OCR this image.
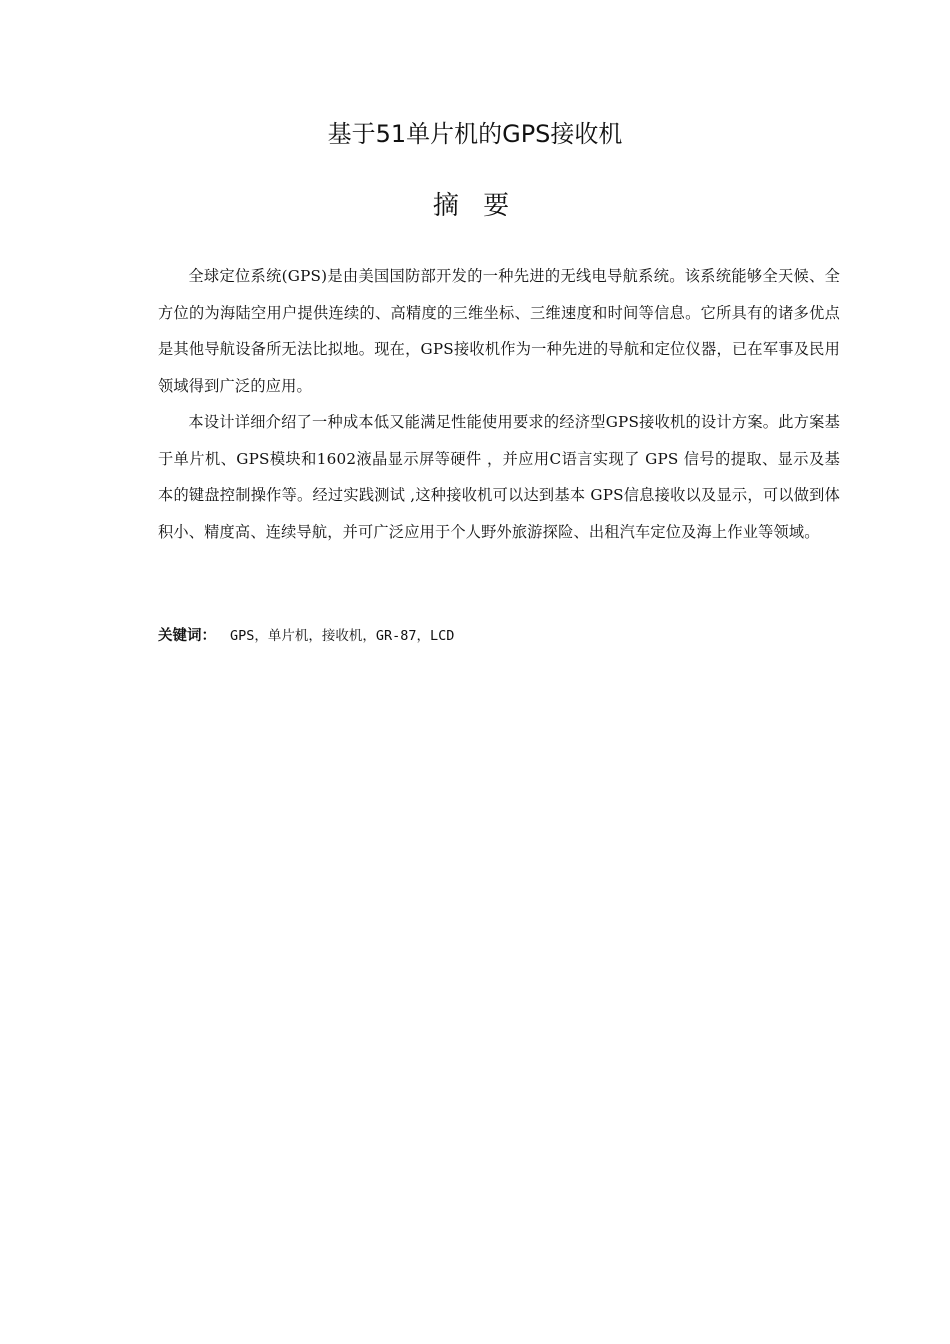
基于51单片机的GPS接收机
摘 要

全球定位系统(GPS)是由美国国防部开发的一种先进的无线电导航系统。该系统能够全天候、全方位的为海陆空用户提供连续的、高精度的三维坐标、三维速度和时间等信息。它所具有的诸多优点是其他导航设备所无法比拟地。现在，GPS接收机作为一种先进的导航和定位仪器，已在军事及民用领域得到广泛的应用。

本设计详细介绍了一种成本低又能满足性能使用要求的经济型GPS接收机的设计方案。此方案基于单片机、GPS模块和1602液晶显示屏等硬件 ，并应用C语言实现了 GPS 信号的提取、显示及基本的键盘控制操作等。经过实践测试 ,这种接收机可以达到基本 GPS信息接收以及显示，可以做到体积小、精度高、连续导航，并可广泛应用于个人野外旅游探险、出租汽车定位及海上作业等领域。

关键词： GPS，单片机，接收机，GR-87，LCD
